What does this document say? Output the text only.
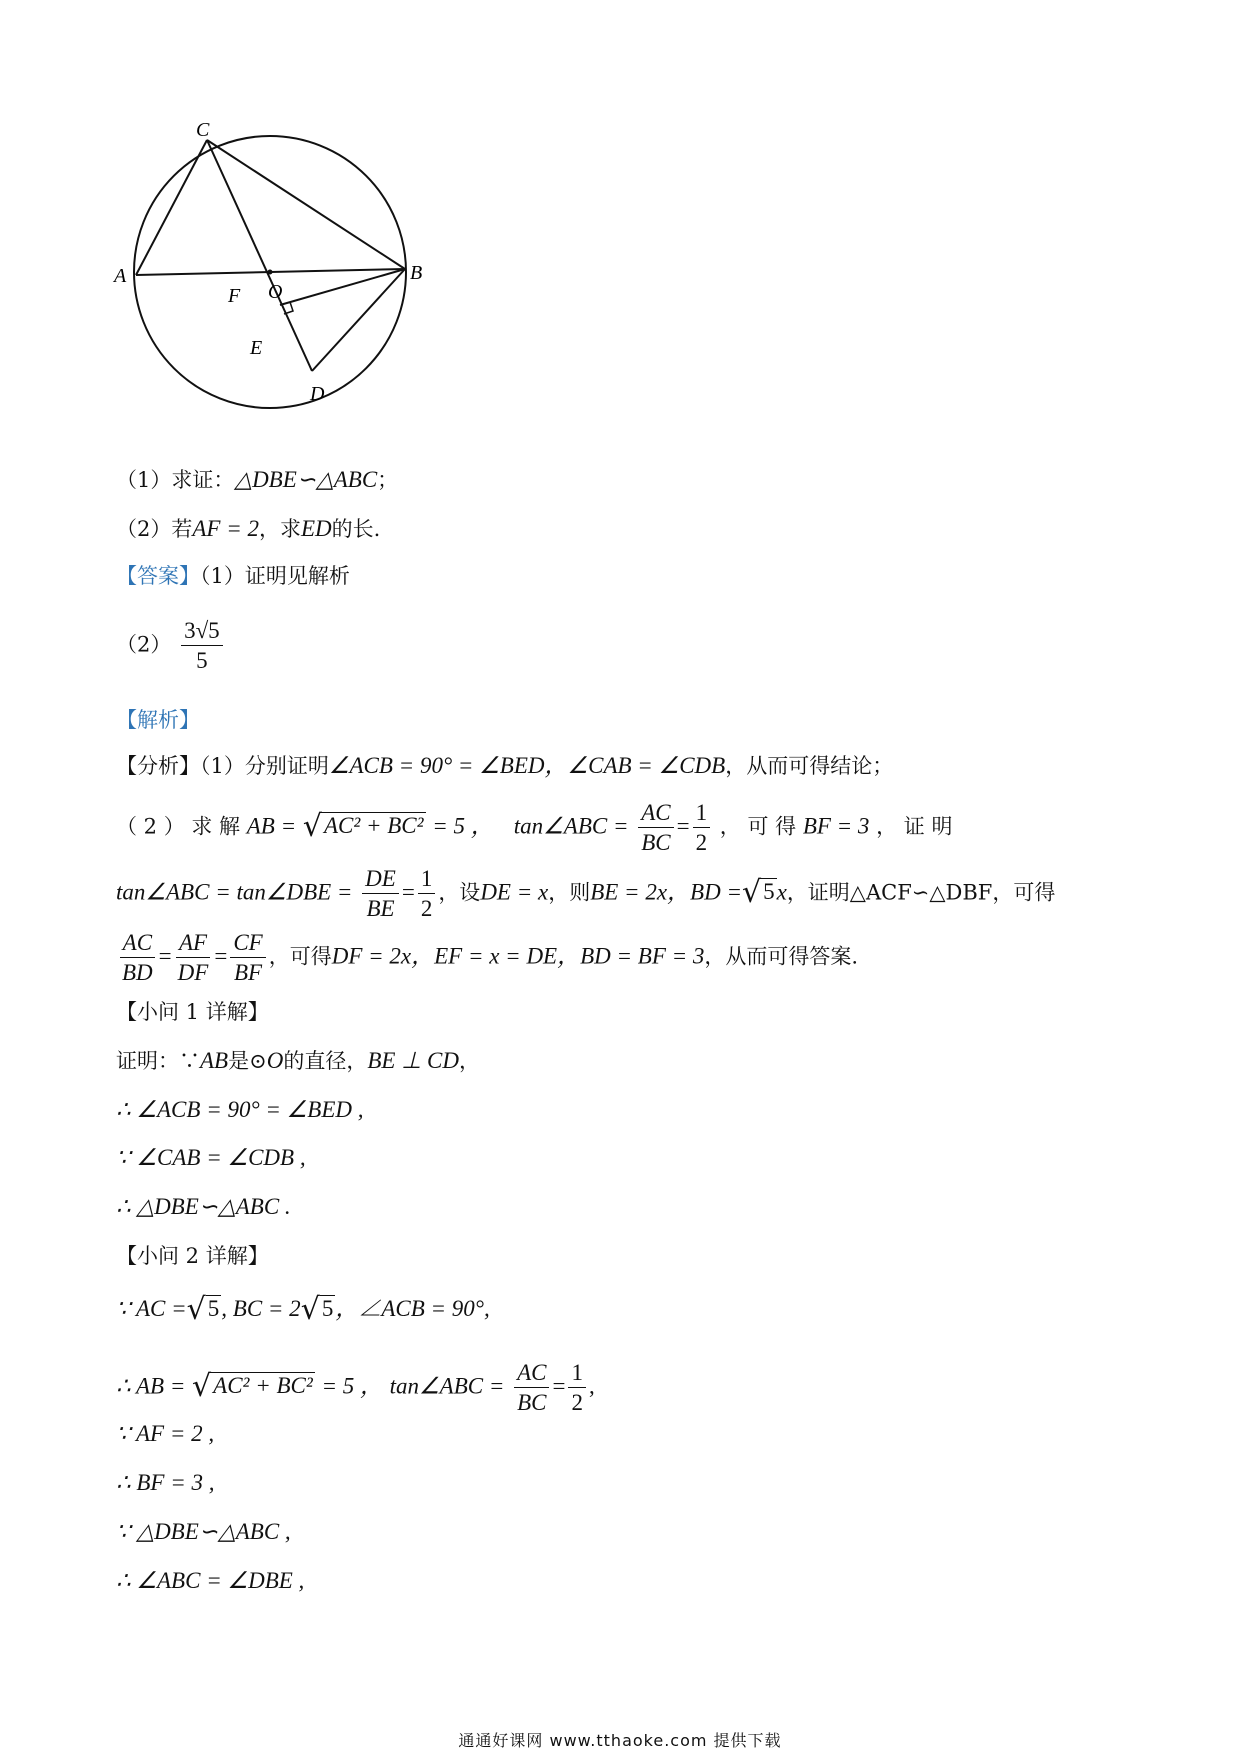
C
A	B
O
F
E
D
（1）求证：△DBE∽△ABC；
（2）若AF = 2，求ED的长.
【答案】（1）证明见解析
$(2) \frac{3√5}{5}$
【解析】
【分析】（1）分别证明∠ACB = 90° = ∠BED，∠CAB = ∠CDB，从而可得结论；
（ 2 ） 求 解 AB = √AC² + BC² = 5 ， tan∠ABC = $\frac{AC}{BC} = \frac{1}{2}$ ， 可 得 BF = 3 ， 证 明
tan∠ABC = tan∠DBE = $\frac{DE}{BE} = \frac{1}{2}$ ，设DE = x，则BE = 2x，BD =√5x，证明△ACF∽△DBF，可得
$\frac{AC}{BD} = \frac{AF}{DF} = \frac{CF}{BF}$ ，可得DF = 2x，EF = x = DE，BD = BF = 3，从而可得答案.
【小问 1 详解】
证明：∵AB是⊙O的直径，BE ⊥ CD，
∴ ∠ACB = 90° = ∠BED ,
∵ ∠CAB = ∠CDB ,
∴ △DBE∽△ABC .
【小问 2 详解】
∵ AC =√5, BC = 2√5，∠ACB = 90°,
∴ AB = √AC² + BC² = 5 ， tan∠ABC = $\frac{AC}{BC} = \frac{1}{2}$ ,
∵ AF = 2 ,
∴ BF = 3 ,
∵ △DBE∽△ABC ,
∴ ∠ABC = ∠DBE ,
通通好课网 www.tthaoke.com 提供下载
